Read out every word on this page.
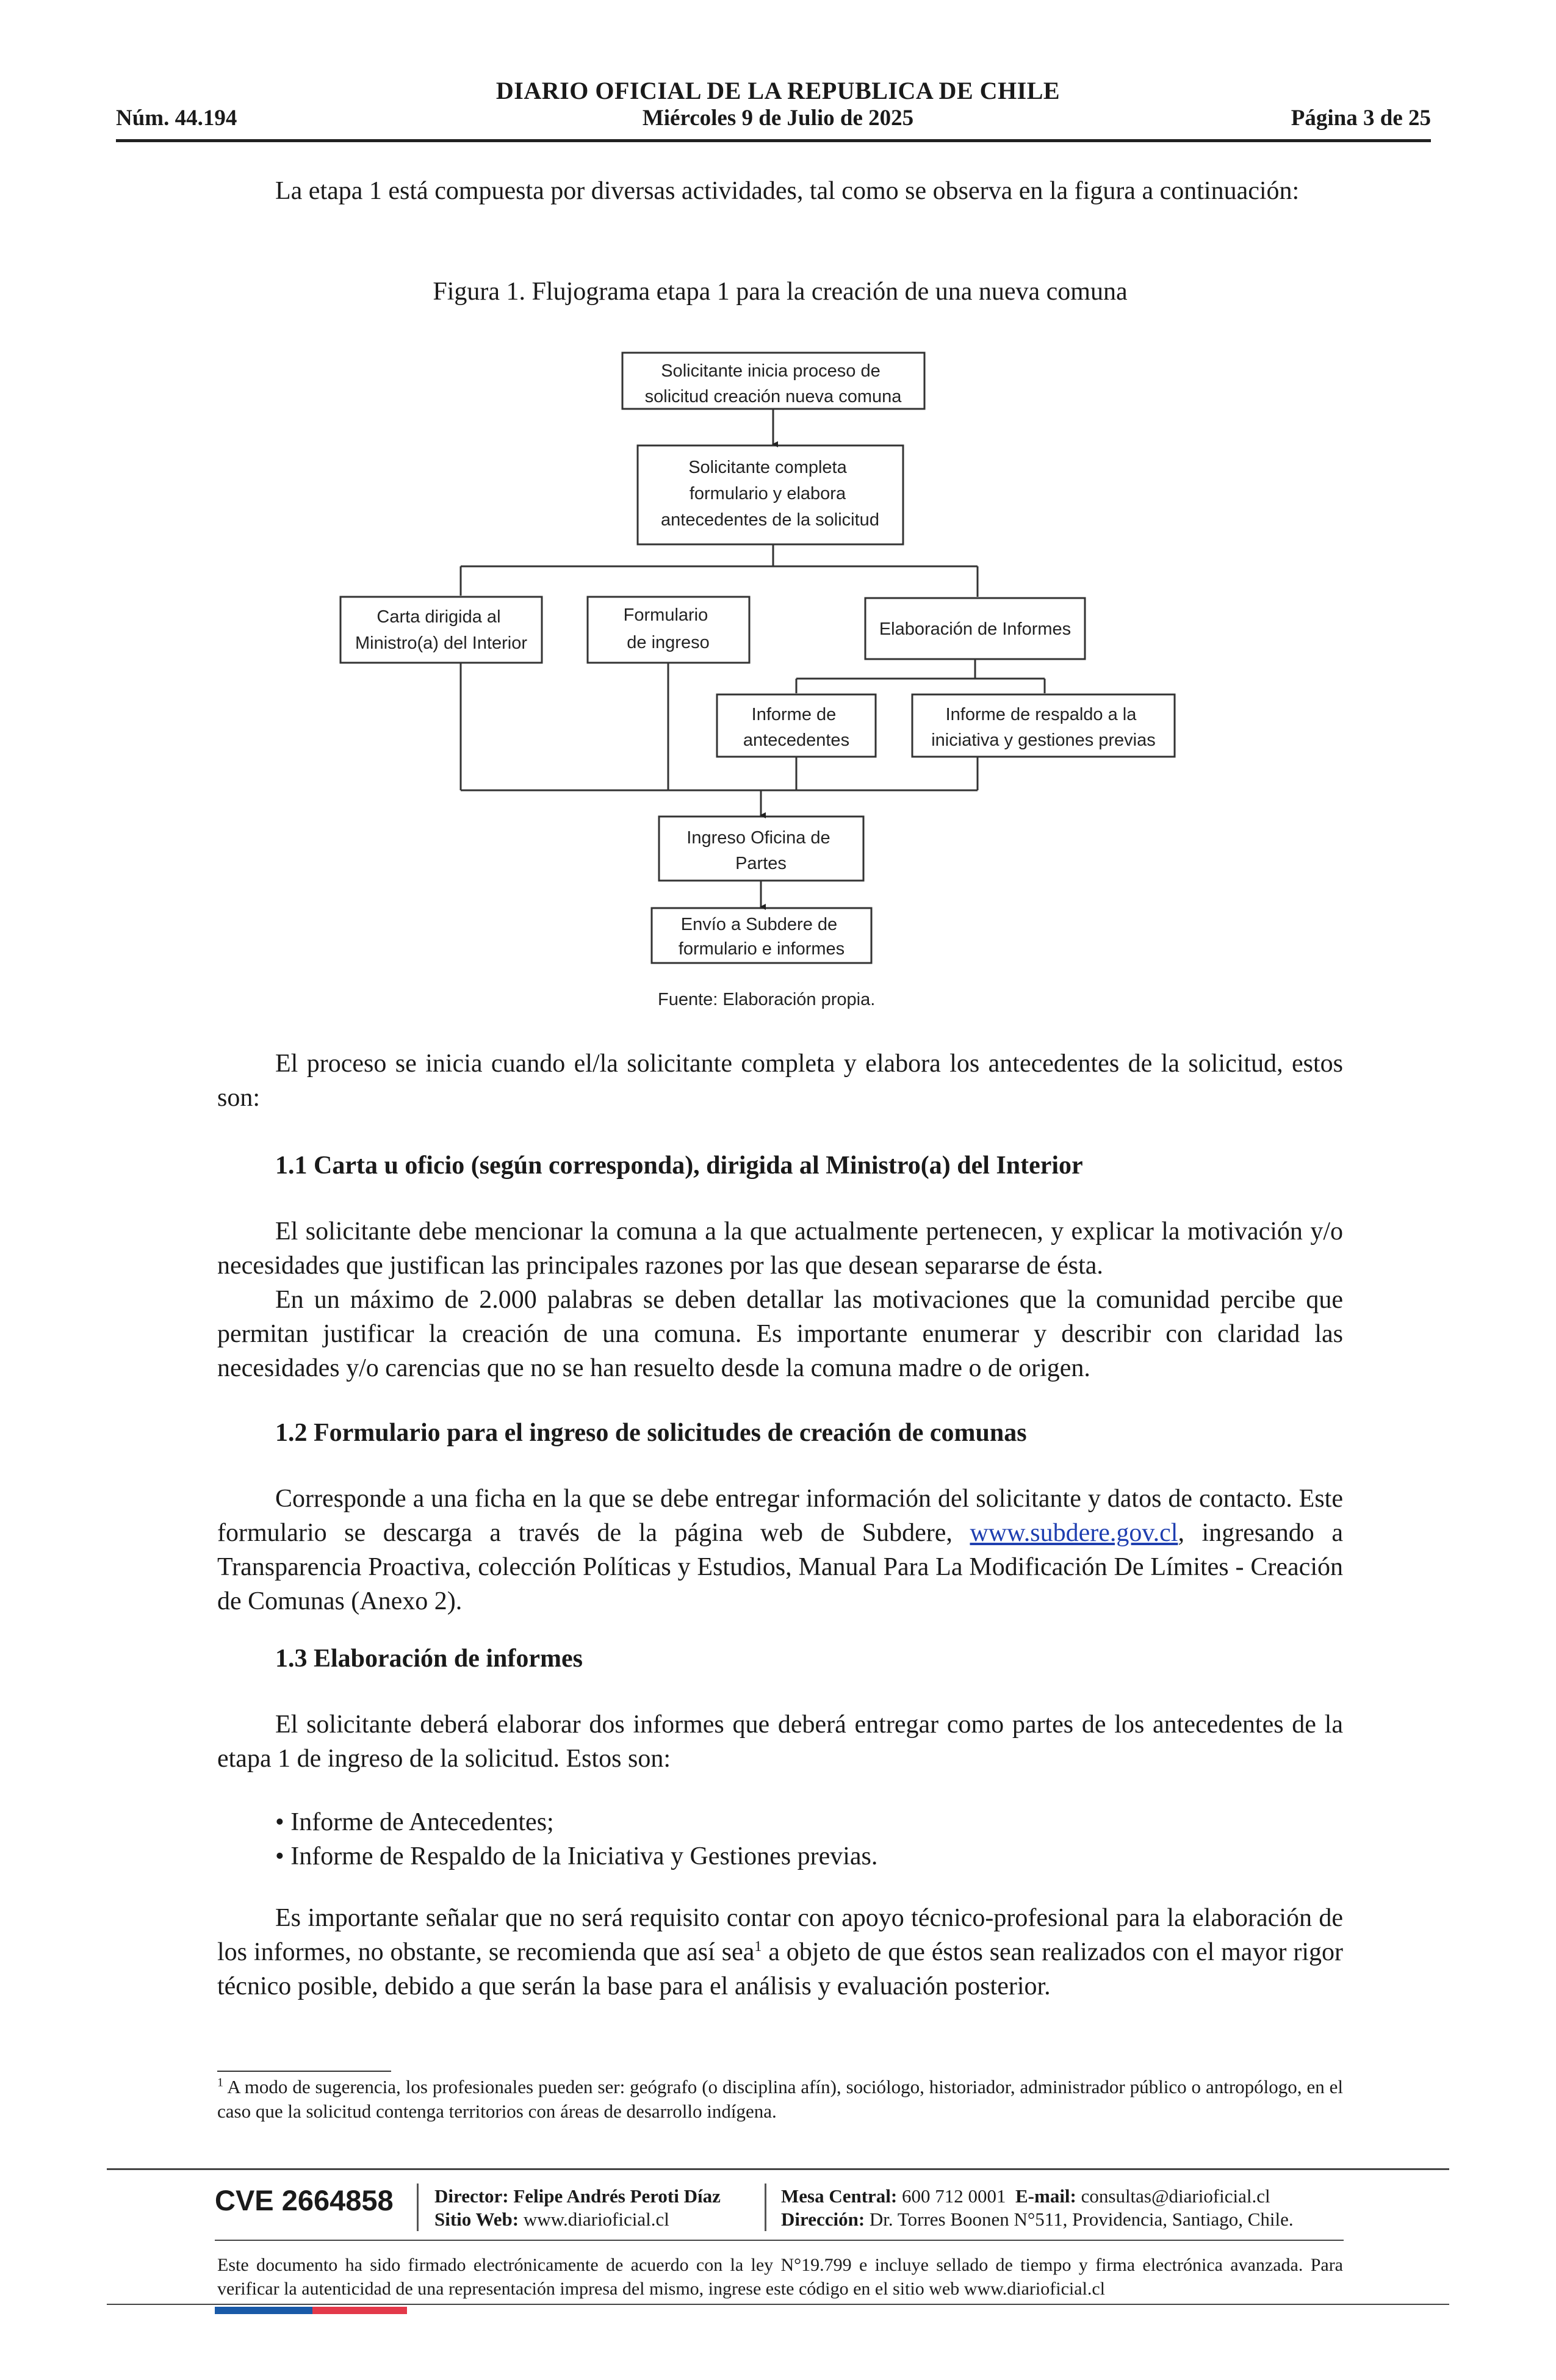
DIARIO OFICIAL DE LA REPUBLICA DE CHILE
Núm. 44.194	Miércoles 9 de Julio de 2025	Página 3 de 25
La etapa 1 está compuesta por diversas actividades, tal como se observa en la figura a continuación:
Figura 1. Flujograma etapa 1 para la creación de una nueva comuna
Solicitante inicia proceso de solicitud creación nueva comuna
Solicitante completa formulario y elabora antecedentes de la solicitud
Carta dirigida al Ministro(a) del Interior
Formulario de ingreso
Elaboración de Informes
Informe de antecedentes
Informe de respaldo a la iniciativa y gestiones previas
Ingreso Oficina de Partes
Envío a Subdere de formulario e informes
Fuente: Elaboración propia.
El proceso se inicia cuando el/la solicitante completa y elabora los antecedentes de la solicitud, estos son:
1.1 Carta u oficio (según corresponda), dirigida al Ministro(a) del Interior
El solicitante debe mencionar la comuna a la que actualmente pertenecen, y explicar la motivación y/o necesidades que justifican las principales razones por las que desean separarse de ésta.
En un máximo de 2.000 palabras se deben detallar las motivaciones que la comunidad percibe que permitan justificar la creación de una comuna. Es importante enumerar y describir con claridad las necesidades y/o carencias que no se han resuelto desde la comuna madre o de origen.
1.2 Formulario para el ingreso de solicitudes de creación de comunas
Corresponde a una ficha en la que se debe entregar información del solicitante y datos de contacto. Este formulario se descarga a través de la página web de Subdere, www.subdere.gov.cl, ingresando a Transparencia Proactiva, colección Políticas y Estudios, Manual Para La Modificación De Límites - Creación de Comunas (Anexo 2).
1.3 Elaboración de informes
El solicitante deberá elaborar dos informes que deberá entregar como partes de los antecedentes de la etapa 1 de ingreso de la solicitud. Estos son:
• Informe de Antecedentes;
• Informe de Respaldo de la Iniciativa y Gestiones previas.
Es importante señalar que no será requisito contar con apoyo técnico-profesional para la elaboración de los informes, no obstante, se recomienda que así sea$^1$ a objeto de que éstos sean realizados con el mayor rigor técnico posible, debido a que serán la base para el análisis y evaluación posterior.
$^1$ A modo de sugerencia, los profesionales pueden ser: geógrafo (o disciplina afín), sociólogo, historiador, administrador público o antropólogo, en el caso que la solicitud contenga territorios con áreas de desarrollo indígena.
CVE 2664858 Director: Felipe Andrés Peroti Díaz
Sitio Web: www.diarioficial.cl
Mesa Central: 600 712 0001 E-mail: consultas@diarioficial.cl
Dirección: Dr. Torres Boonen N°511, Providencia, Santiago, Chile.
Este documento ha sido firmado electrónicamente de acuerdo con la ley N°19.799 e incluye sellado de tiempo y firma electrónica avanzada. Para verificar la autenticidad de una representación impresa del mismo, ingrese este código en el sitio web www.diarioficial.cl
